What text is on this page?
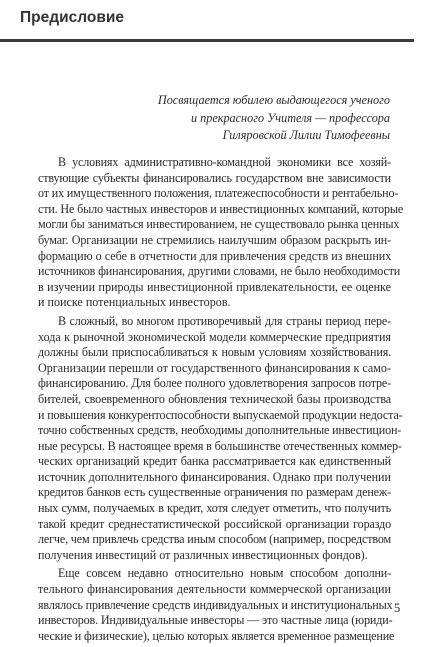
Предисловие
Посвящается юбилею выдающегося ученого
и прекрасного Учителя — профессора
Гиляровской Лилии Тимофеевны
В условиях административно-командной экономики все хозяй-
ствующие субъекты финансировались государством вне зависимости
от их имущественного положения, платежеспособности и рентабельно-
сти. Не было частных инвесторов и инвестиционных компаний, которые
могли бы заниматься инвестированием, не существовало рынка ценных
бумаг. Организации не стремились наилучшим образом раскрыть ин-
формацию о себе в отчетности для привлечения средств из внешних
источников финансирования, другими словами, не было необходимости
в изучении природы инвестиционной привлекательности, ее оценке
и поиске потенциальных инвесторов.
В сложный, во многом противоречивый для страны период пере-
хода к рыночной экономической модели коммерческие предприятия
должны были приспосабливаться к новым условиям хозяйствования.
Организации перешли от государственного финансирования к само-
финансированию. Для более полного удовлетворения запросов потре-
бителей, своевременного обновления технической базы производства
и повышения конкурентоспособности выпускаемой продукции недоста-
точно собственных средств, необходимы дополнительные инвестицион-
ные ресурсы. В настоящее время в большинстве отечественных коммер-
ческих организаций кредит банка рассматривается как единственный
источник дополнительного финансирования. Однако при получении
кредитов банков есть существенные ограничения по размерам денеж-
ных сумм, получаемых в кредит, хотя следует отметить, что получить
такой кредит среднестатистической российской организации гораздо
легче, чем привлечь средства иным способом (например, посредством
получения инвестиций от различных инвестиционных фондов).
Еще совсем недавно относительно новым способом дополни-
тельного финансирования деятельности коммерческой организации
являлось привлечение средств индивидуальных и институциональных
инвесторов. Индивидуальные инвесторы — это частные лица (юриди-
ческие и физические), целью которых является временное размещение
5
